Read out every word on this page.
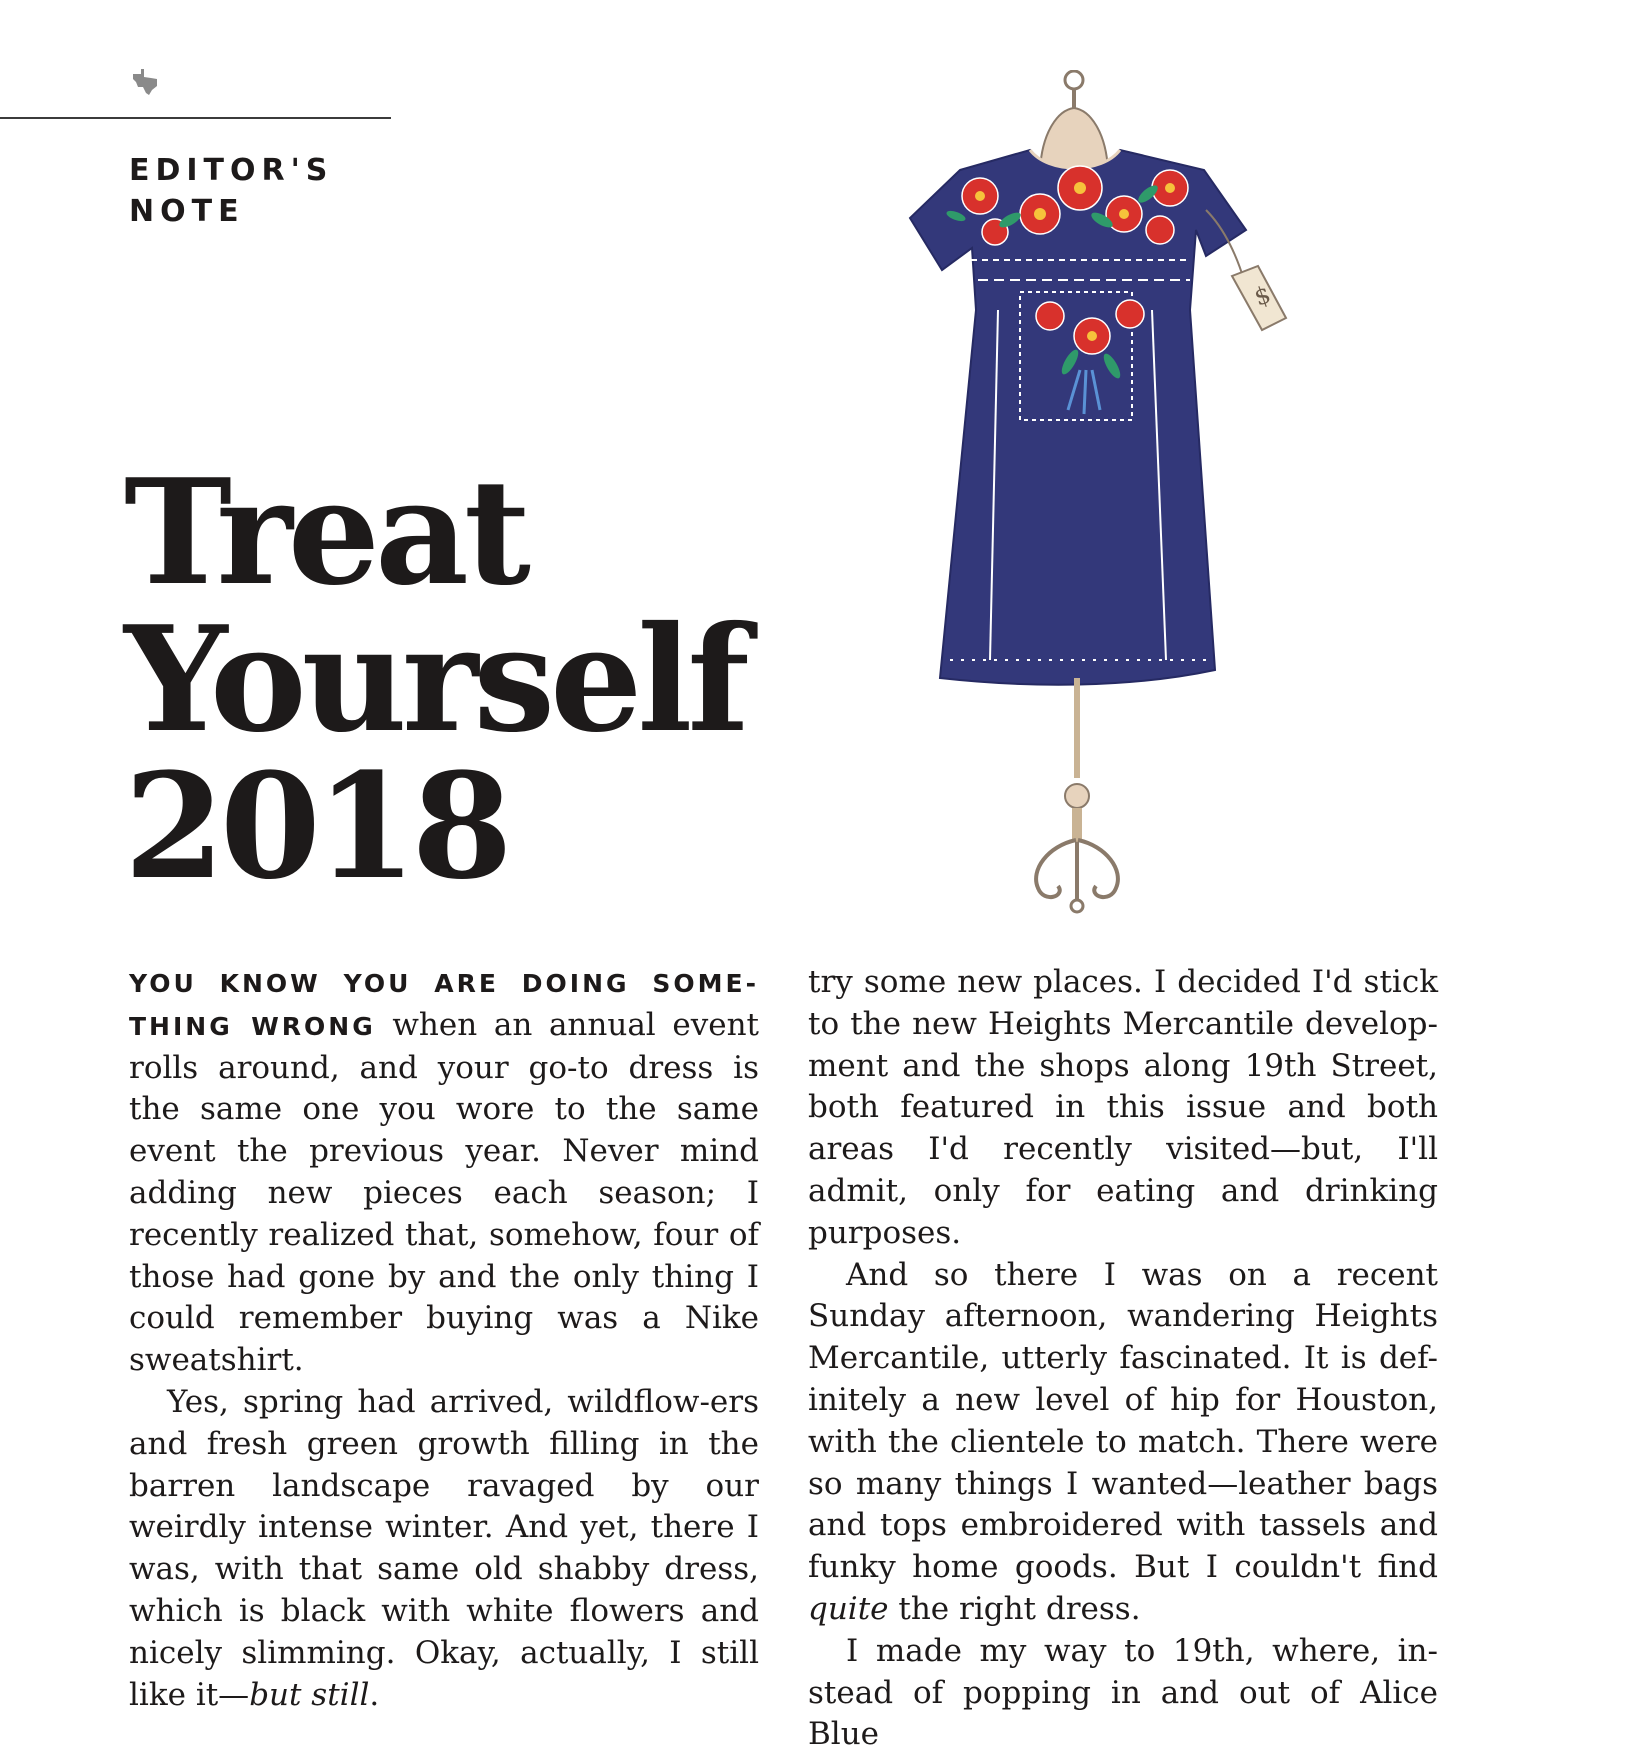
EDITOR'S
NOTE
Treat
Yourself
2018
$

YOU KNOW YOU ARE DOING SOME-THING WRONG when an annual event rolls around, and your go-to dress is the same one you wore to the same event the previous year. Never mind adding new pieces each season; I recently realized that, somehow, four of those had gone by and the only thing I could remember buying was a Nike sweatshirt.

Yes, spring had arrived, wildflow-ers and fresh green growth filling in the barren landscape ravaged by our weirdly intense winter. And yet, there I was, with that same old shabby dress, which is black with white flowers and nicely slimming. Okay, actually, I still like it—but still.

try some new places. I decided I'd stick to the new Heights Mercantile develop-ment and the shops along 19th Street, both featured in this issue and both areas I'd recently visited—but, I'll admit, only for eating and drinking purposes.

And so there I was on a recent Sunday afternoon, wandering Heights Mercantile, utterly fascinated. It is def-initely a new level of hip for Houston, with the clientele to match. There were so many things I wanted—leather bags and tops embroidered with tassels and funky home goods. But I couldn't find quite the right dress.

I made my way to 19th, where, in-stead of popping in and out of Alice Blue
